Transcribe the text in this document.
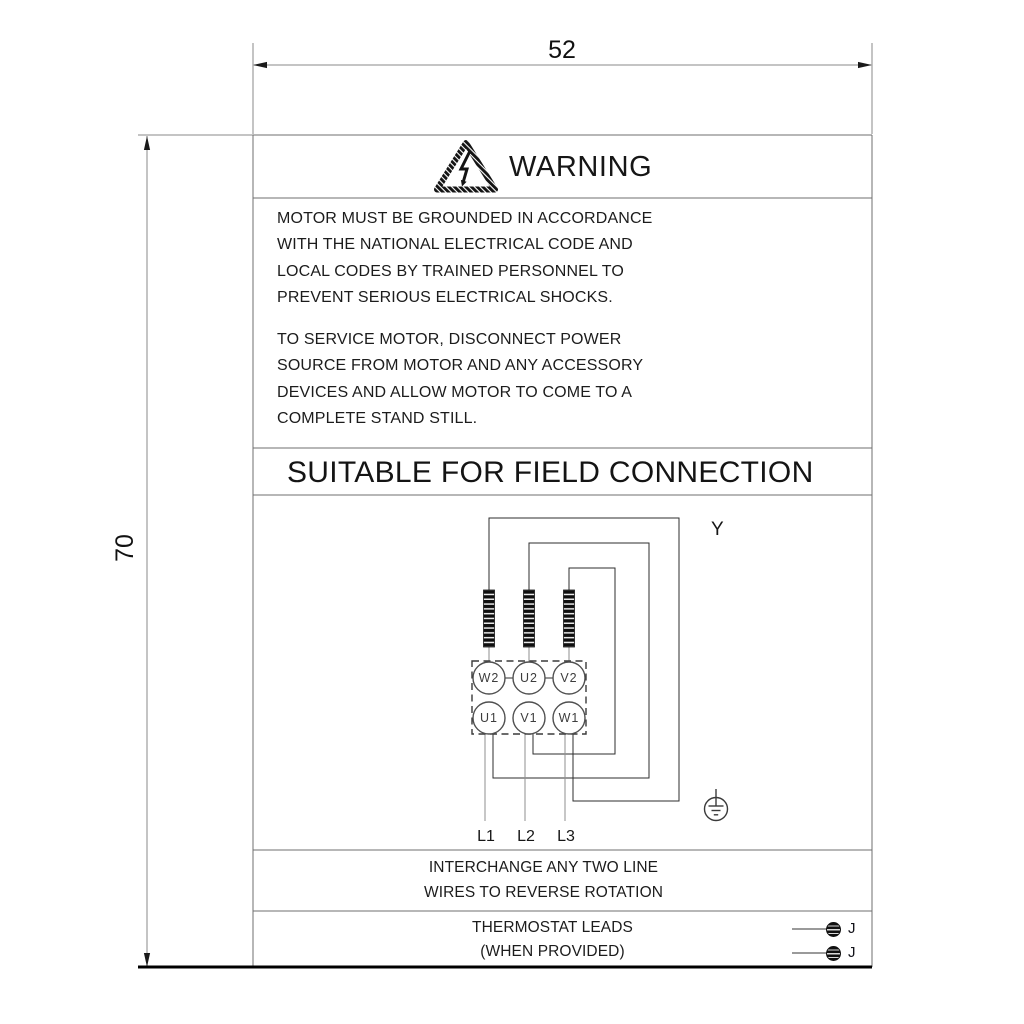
52
70
WARNING
MOTOR MUST BE GROUNDED IN ACCORDANCE
WITH THE NATIONAL ELECTRICAL CODE AND
LOCAL CODES BY TRAINED PERSONNEL TO
PREVENT SERIOUS ELECTRICAL SHOCKS.
TO SERVICE MOTOR, DISCONNECT POWER
SOURCE FROM MOTOR AND ANY ACCESSORY
DEVICES AND ALLOW MOTOR TO COME TO A
COMPLETE STAND STILL.
SUITABLE FOR FIELD CONNECTION
W2	U2	V2
U1	V1	W1
L1	L2	L3
Y
INTERCHANGE ANY TWO LINE
WIRES TO REVERSE ROTATION
THERMOSTAT LEADS
(WHEN PROVIDED)
J
J
